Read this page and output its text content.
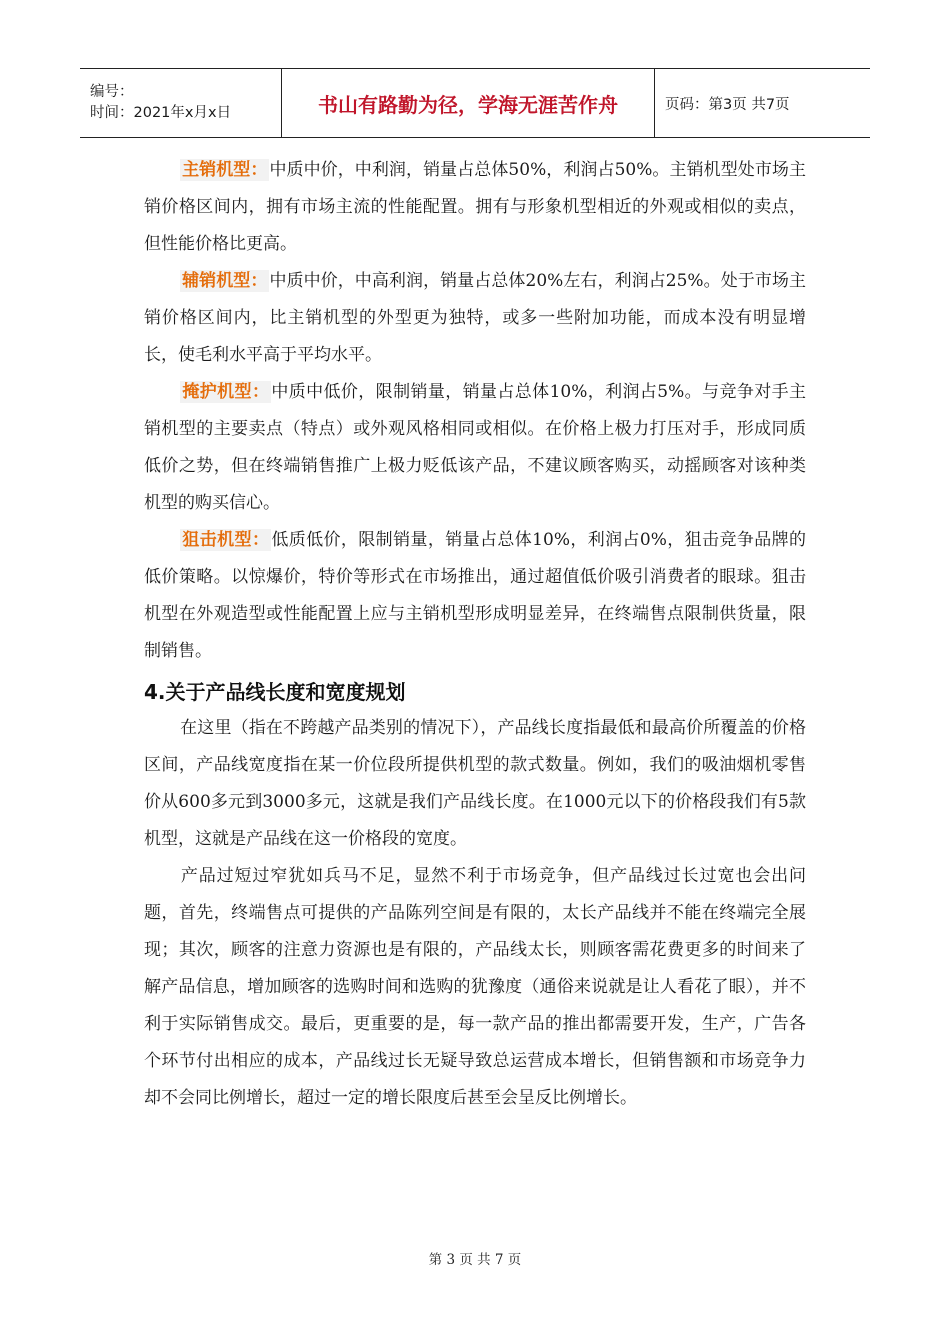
编号：
时间：2021年x月x日	书山有路勤为径，学海无涯苦作舟	页码：第3页 共7页

主销机型： 中质中价，中利润，销量占总体50%，利润占50%。主销机型处市场主销价格区间内，拥有市场主流的性能配置。拥有与形象机型相近的外观或相似的卖点，但性能价格比更高。

辅销机型： 中质中价，中高利润，销量占总体20%左右，利润占25%。处于市场主销价格区间内，比主销机型的外型更为独特，或多一些附加功能，而成本没有明显增长，使毛利水平高于平均水平。

掩护机型： 中质中低价，限制销量，销量占总体10%，利润占5%。与竞争对手主销机型的主要卖点（特点）或外观风格相同或相似。在价格上极力打压对手，形成同质低价之势，但在终端销售推广上极力贬低该产品，不建议顾客购买，动摇顾客对该种类机型的购买信心。

狙击机型： 低质低价，限制销量，销量占总体10%，利润占0%，狙击竞争品牌的低价策略。以惊爆价，特价等形式在市场推出，通过超值低价吸引消费者的眼球。狙击机型在外观造型或性能配置上应与主销机型形成明显差异，在终端售点限制供货量，限制销售。

4.关于产品线长度和宽度规划

在这里（指在不跨越产品类别的情况下），产品线长度指最低和最高价所覆盖的价格区间，产品线宽度指在某一价位段所提供机型的款式数量。例如，我们的吸油烟机零售价从600多元到3000多元，这就是我们产品线长度。在1000元以下的价格段我们有5款机型，这就是产品线在这一价格段的宽度。

产品过短过窄犹如兵马不足，显然不利于市场竞争，但产品线过长过宽也会出问题，首先，终端售点可提供的产品陈列空间是有限的，太长产品线并不能在终端完全展现；其次，顾客的注意力资源也是有限的，产品线太长，则顾客需花费更多的时间来了解产品信息，增加顾客的选购时间和选购的犹豫度（通俗来说就是让人看花了眼），并不利于实际销售成交。最后，更重要的是，每一款产品的推出都需要开发，生产，广告各个环节付出相应的成本，产品线过长无疑导致总运营成本增长，但销售额和市场竞争力却不会同比例增长，超过一定的增长限度后甚至会呈反比例增长。

第 3 页 共 7 页
